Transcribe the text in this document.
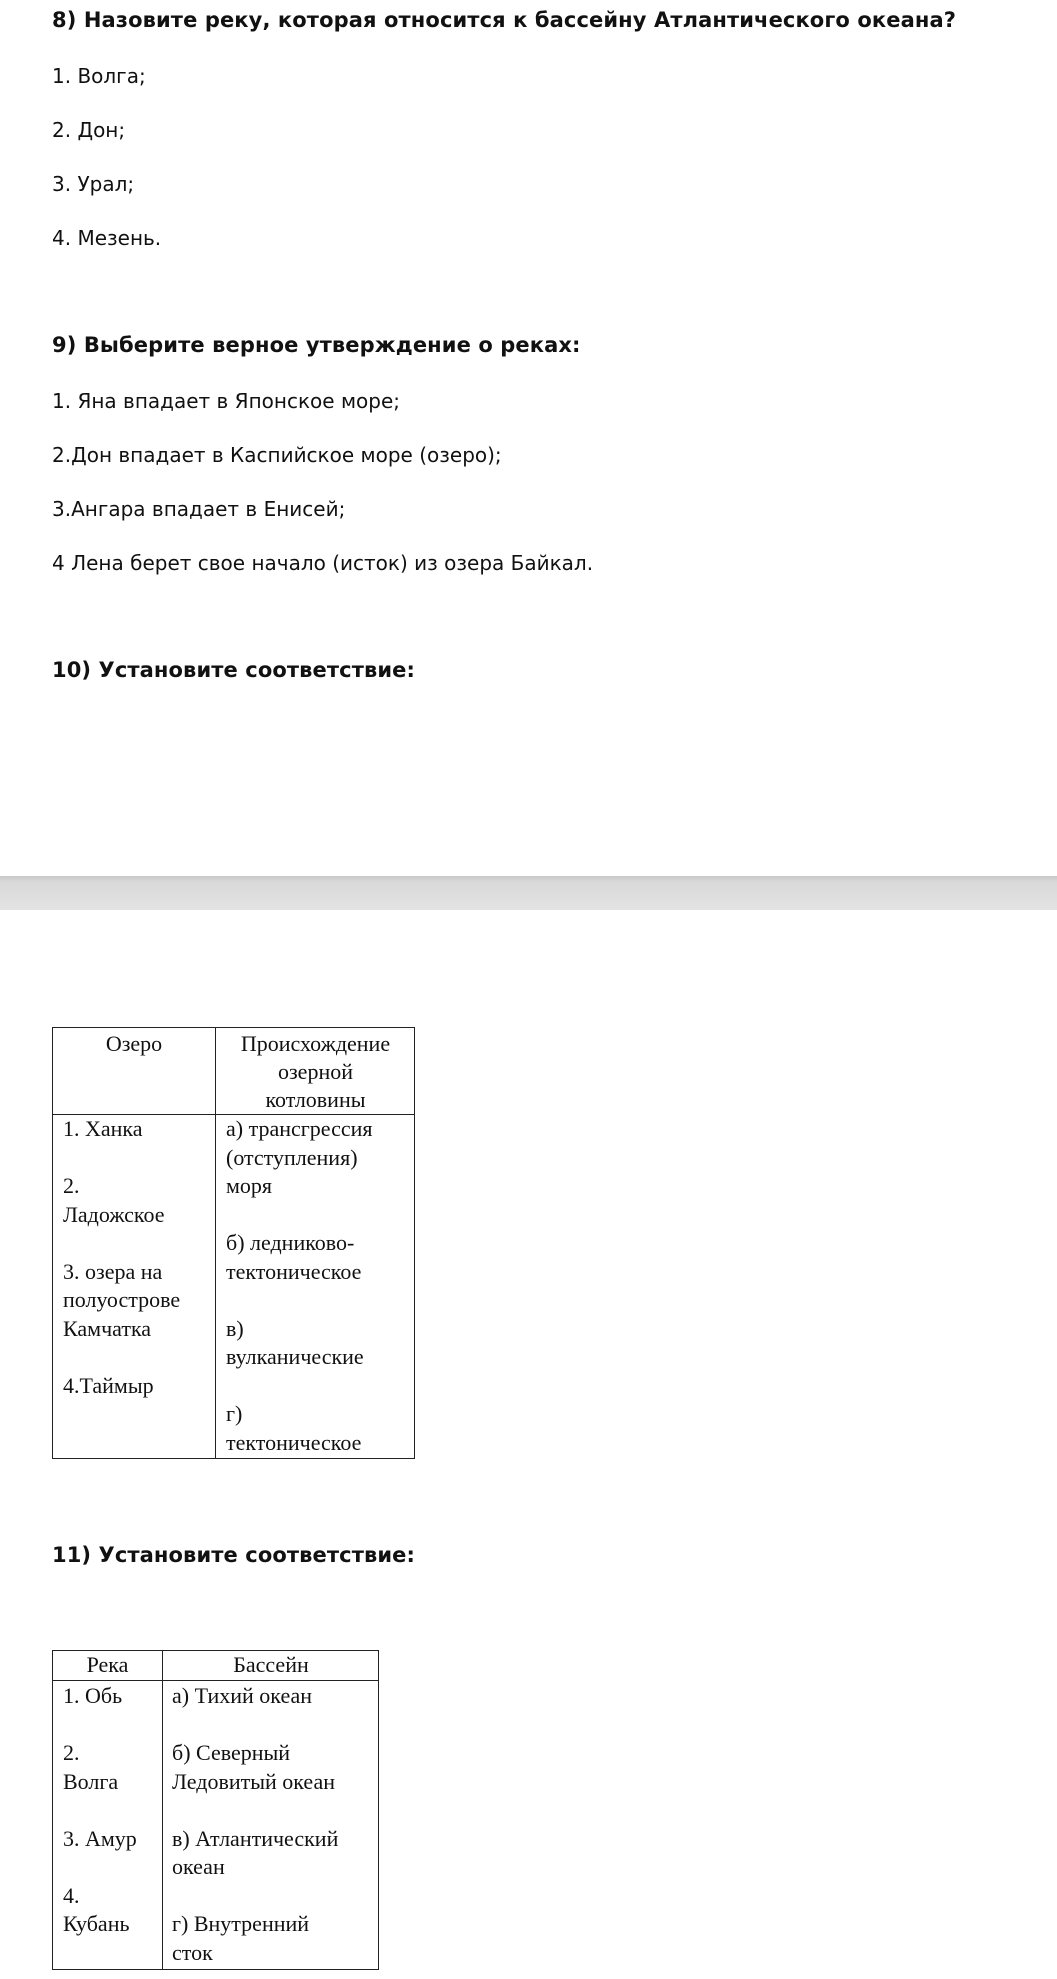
8) Назовите реку, которая относится к бассейну Атлантического океана?
1. Волга;
2. Дон;
3. Урал;
4. Мезень.
9) Выберите верное утверждение о реках:
1. Яна впадает в Японское море;
2.Дон впадает в Каспийское море (озеро);
3.Ангара впадает в Енисей;
4 Лена берет свое начало (исток) из озера Байкал.
10) Установите соответствие:
Озеро	Происхождение
озерной
котловины
1. Ханка

2.
Ладожское

3. озера на
полуострове
Камчатка

4.Таймыр
а) трансгрессия
(отступления)
моря

б) ледниково-
тектоническое

в)
вулканические

г)
тектоническое
11) Установите соответствие:
Река	Бассейн
1. Обь

2.
Волга

3. Амур

4.
Кубань
а) Тихий океан

б) Северный
Ледовитый океан

в) Атлантический
океан

г) Внутренний
сток
